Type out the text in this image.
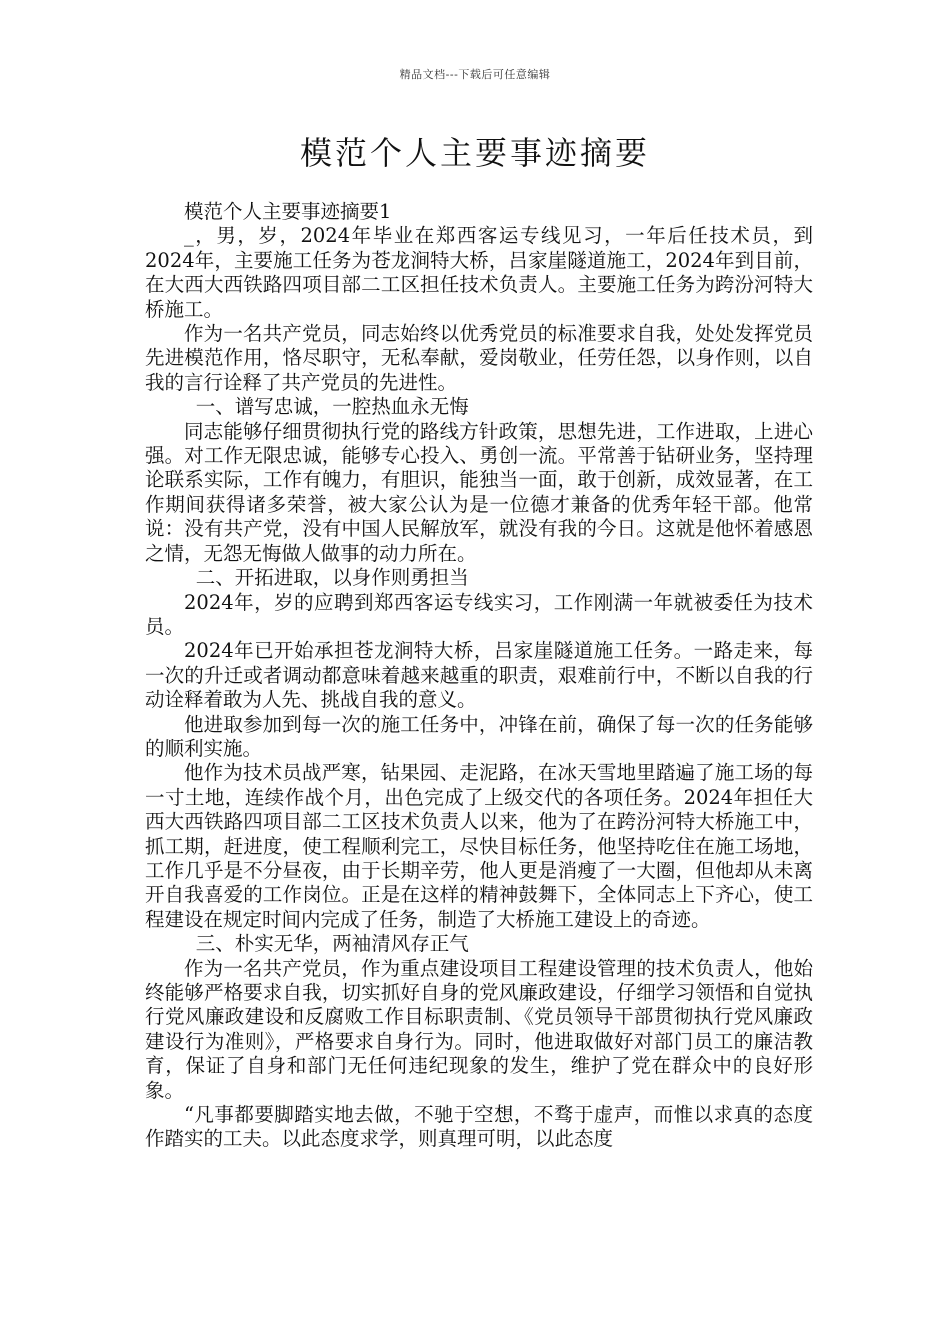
精品文档---下载后可任意编辑
模范个人主要事迹摘要

模范个人主要事迹摘要1

_，男，岁，2024年毕业在郑西客运专线见习，一年后任技术员，到2024年，主要施工任务为苍龙涧特大桥，吕家崖隧道施工，2024年到目前，在大西大西铁路四项目部二工区担任技术负责人。主要施工任务为跨汾河特大桥施工。

作为一名共产党员，同志始终以优秀党员的标准要求自我，处处发挥党员先进模范作用，恪尽职守，无私奉献，爱岗敬业，任劳任怨，以身作则，以自我的言行诠释了共产党员的先进性。

一、谱写忠诚，一腔热血永无悔

同志能够仔细贯彻执行党的路线方针政策，思想先进，工作进取，上进心强。对工作无限忠诚，能够专心投入、勇创一流。平常善于钻研业务，坚持理论联系实际，工作有魄力，有胆识，能独当一面，敢于创新，成效显著，在工作期间获得诸多荣誉，被大家公认为是一位德才兼备的优秀年轻干部。他常说：没有共产党，没有中国人民解放军，就没有我的今日。这就是他怀着感恩之情，无怨无悔做人做事的动力所在。

二、开拓进取，以身作则勇担当

2024年，岁的应聘到郑西客运专线实习，工作刚满一年就被委任为技术员。

2024年已开始承担苍龙涧特大桥，吕家崖隧道施工任务。一路走来，每一次的升迁或者调动都意味着越来越重的职责，艰难前行中，不断以自我的行动诠释着敢为人先、挑战自我的意义。

他进取参加到每一次的施工任务中，冲锋在前，确保了每一次的任务能够的顺利实施。

他作为技术员战严寒，钻果园、走泥路，在冰天雪地里踏遍了施工场的每一寸土地，连续作战个月，出色完成了上级交代的各项任务。2024年担任大西大西铁路四项目部二工区技术负责人以来，他为了在跨汾河特大桥施工中，抓工期，赶进度，使工程顺利完工，尽快目标任务，他坚持吃住在施工场地，工作几乎是不分昼夜，由于长期辛劳，他人更是消瘦了一大圈，但他却从未离开自我喜爱的工作岗位。正是在这样的精神鼓舞下，全体同志上下齐心，使工程建设在规定时间内完成了任务，制造了大桥施工建设上的奇迹。

三、朴实无华，两袖清风存正气

作为一名共产党员，作为重点建设项目工程建设管理的技术负责人，他始终能够严格要求自我，切实抓好自身的党风廉政建设，仔细学习领悟和自觉执行党风廉政建设和反腐败工作目标职责制、《党员领导干部贯彻执行党风廉政建设行为准则》，严格要求自身行为。同时，他进取做好对部门员工的廉洁教育，保证了自身和部门无任何违纪现象的发生，维护了党在群众中的良好形象。

“凡事都要脚踏实地去做，不驰于空想，不骛于虚声，而惟以求真的态度作踏实的工夫。以此态度求学，则真理可明，以此态度
